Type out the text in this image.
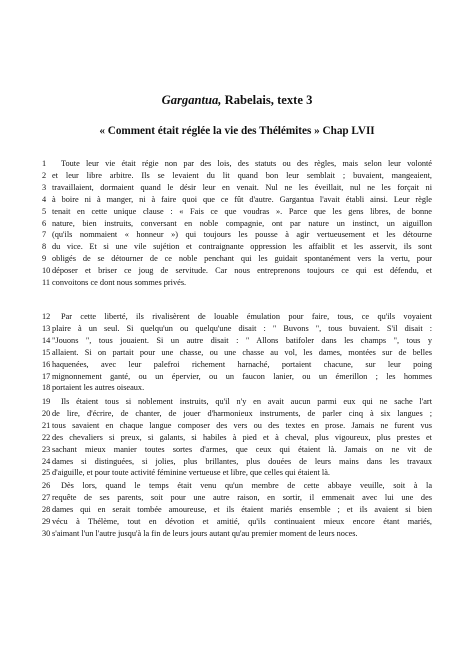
Gargantua, Rabelais, texte 3
« Comment était réglée la vie des Thélémites » Chap LVII
1	Toute leur vie était régie non par des lois, des statuts ou des règles, mais selon leur volonté
2 et leur libre arbitre. Ils se levaient du lit quand bon leur semblait ; buvaient, mangeaient,
3 travaillaient, dormaient quand le désir leur en venait. Nul ne les éveillait, nul ne les forçait ni
4 à boire ni à manger, ni à faire quoi que ce fût d'autre. Gargantua l'avait établi ainsi. Leur règle
5 tenait en cette unique clause : « Fais ce que voudras ». Parce que les gens libres, de bonne
6 nature, bien instruits, conversant en noble compagnie, ont par nature un instinct, un aiguillon
7 (qu'ils nommaient « honneur ») qui toujours les pousse à agir vertueusement et les détourne
8 du vice. Et si une vile sujétion et contraignante oppression les affaiblit et les asservit, ils sont
9 obligés de se détourner de ce noble penchant qui les guidait spontanément vers la vertu, pour
10 déposer et briser ce joug de servitude. Car nous entreprenons toujours ce qui est défendu, et
11 convoitons ce dont nous sommes privés.
12	Par cette liberté, ils rivalisèrent de louable émulation pour faire, tous, ce qu'ils voyaient
13 plaire à un seul. Si quelqu'un ou quelqu'une disait : " Buvons ", tous buvaient. S'il disait :
14 "Jouons ", tous jouaient. Si un autre disait : " Allons batifoler dans les champs ", tous y
15 allaient. Si on partait pour une chasse, ou une chasse au vol, les dames, montées sur de belles
16 haquenées, avec leur palefroi richement harnaché, portaient chacune, sur leur poing
17 mignonnement ganté, ou un épervier, ou un faucon lanier, ou un émerillon ; les hommes
18 portaient les autres oiseaux.
19	Ils étaient tous si noblement instruits, qu'il n'y en avait aucun parmi eux qui ne sache l'art
20 de lire, d'écrire, de chanter, de jouer d'harmonieux instruments, de parler cinq à six langues ;
21 tous savaient en chaque langue composer des vers ou des textes en prose. Jamais ne furent vus
22 des chevaliers si preux, si galants, si habiles à pied et à cheval, plus vigoureux, plus prestes et
23 sachant mieux manier toutes sortes d'armes, que ceux qui étaient là. Jamais on ne vit de
24 dames si distinguées, si jolies, plus brillantes, plus douées de leurs mains dans les travaux
25 d'aiguille, et pour toute activité féminine vertueuse et libre, que celles qui étaient là.
26	Dès lors, quand le temps était venu qu'un membre de cette abbaye veuille, soit à la
27 requête de ses parents, soit pour une autre raison, en sortir, il emmenait avec lui une des
28 dames qui en serait tombée amoureuse, et ils étaient mariés ensemble ; et ils avaient si bien
29 vécu à Thélème, tout en dévotion et amitié, qu'ils continuaient mieux encore étant mariés,
30 s'aimant l'un l'autre jusqu'à la fin de leurs jours autant qu'au premier moment de leurs noces.
